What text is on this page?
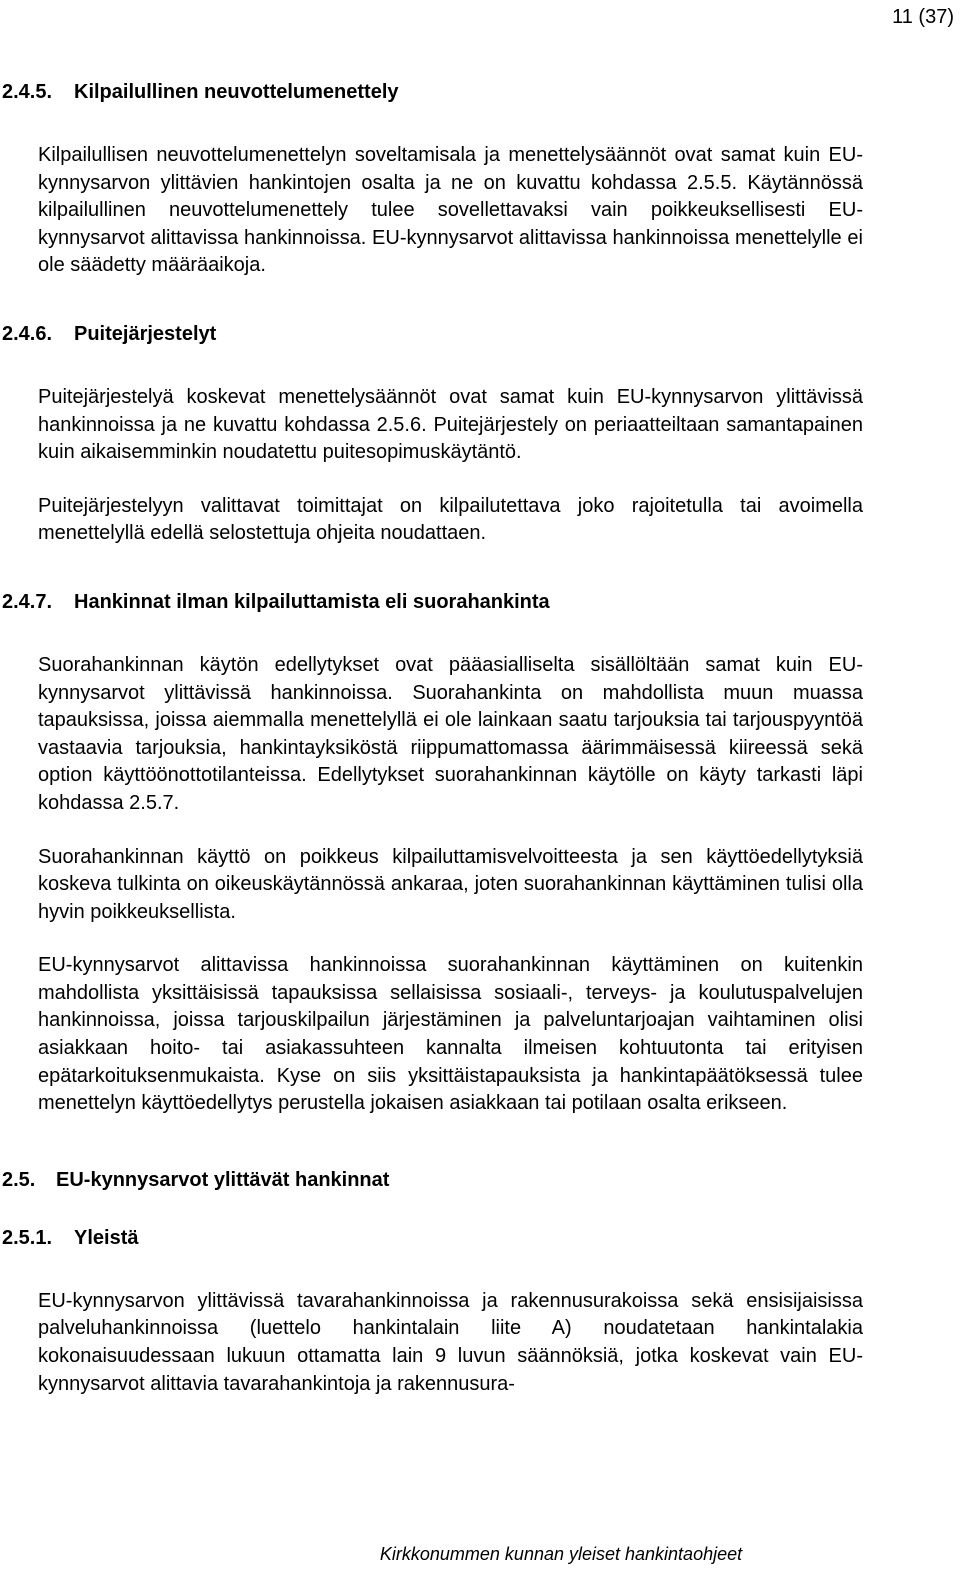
11 (37)
2.4.5. Kilpailullinen neuvottelumenettely

Kilpailullisen neuvottelumenettelyn soveltamisala ja menettelysäännöt ovat samat kuin EU-kynnysarvon ylittävien hankintojen osalta ja ne on kuvattu kohdassa 2.5.5. Käytännössä kilpailullinen neuvottelumenettely tulee sovellettavaksi vain poikkeuksellisesti EU-kynnysarvot alittavissa hankinnoissa. EU-kynnysarvot alittavissa hankinnoissa menettelylle ei ole säädetty määräaikoja.

2.4.6. Puitejärjestelyt

Puitejärjestelyä koskevat menettelysäännöt ovat samat kuin EU-kynnysarvon ylittävissä hankinnoissa ja ne kuvattu kohdassa 2.5.6. Puitejärjestely on periaatteiltaan samantapainen kuin aikaisemminkin noudatettu puitesopimuskäytäntö.

Puitejärjestelyyn valittavat toimittajat on kilpailutettava joko rajoitetulla tai avoimella menettelyllä edellä selostettuja ohjeita noudattaen.

2.4.7. Hankinnat ilman kilpailuttamista eli suorahankinta

Suorahankinnan käytön edellytykset ovat pääasialliselta sisällöltään samat kuin EU-kynnysarvot ylittävissä hankinnoissa. Suorahankinta on mahdollista muun muassa tapauksissa, joissa aiemmalla menettelyllä ei ole lainkaan saatu tarjouksia tai tarjouspyyntöä vastaavia tarjouksia, hankintayksiköstä riippumattomassa äärimmäisessä kiireessä sekä option käyttöönottotilanteissa. Edellytykset suorahankinnan käytölle on käyty tarkasti läpi kohdassa 2.5.7.

Suorahankinnan käyttö on poikkeus kilpailuttamisvelvoitteesta ja sen käyttöedellytyksiä koskeva tulkinta on oikeuskäytännössä ankaraa, joten suorahankinnan käyttäminen tulisi olla hyvin poikkeuksellista.

EU-kynnysarvot alittavissa hankinnoissa suorahankinnan käyttäminen on kuitenkin mahdollista yksittäisissä tapauksissa sellaisissa sosiaali-, terveys- ja koulutuspalvelujen hankinnoissa, joissa tarjouskilpailun järjestäminen ja palveluntarjoajan vaihtaminen olisi asiakkaan hoito- tai asiakassuhteen kannalta ilmeisen kohtuutonta tai erityisen epätarkoituksenmukaista. Kyse on siis yksittäistapauksista ja hankintapäätöksessä tulee menettelyn käyttöedellytys perustella jokaisen asiakkaan tai potilaan osalta erikseen.

2.5. EU-kynnysarvot ylittävät hankinnat
2.5.1. Yleistä

EU-kynnysarvon ylittävissä tavarahankinnoissa ja rakennusurakoissa sekä ensisijaisissa palveluhankinnoissa (luettelo hankintalain liite A) noudatetaan hankintalakia kokonaisuudessaan lukuun ottamatta lain 9 luvun säännöksiä, jotka koskevat vain EU-kynnysarvot alittavia tavarahankintoja ja rakennusura-

Kirkkonummen kunnan yleiset hankintaohjeet
